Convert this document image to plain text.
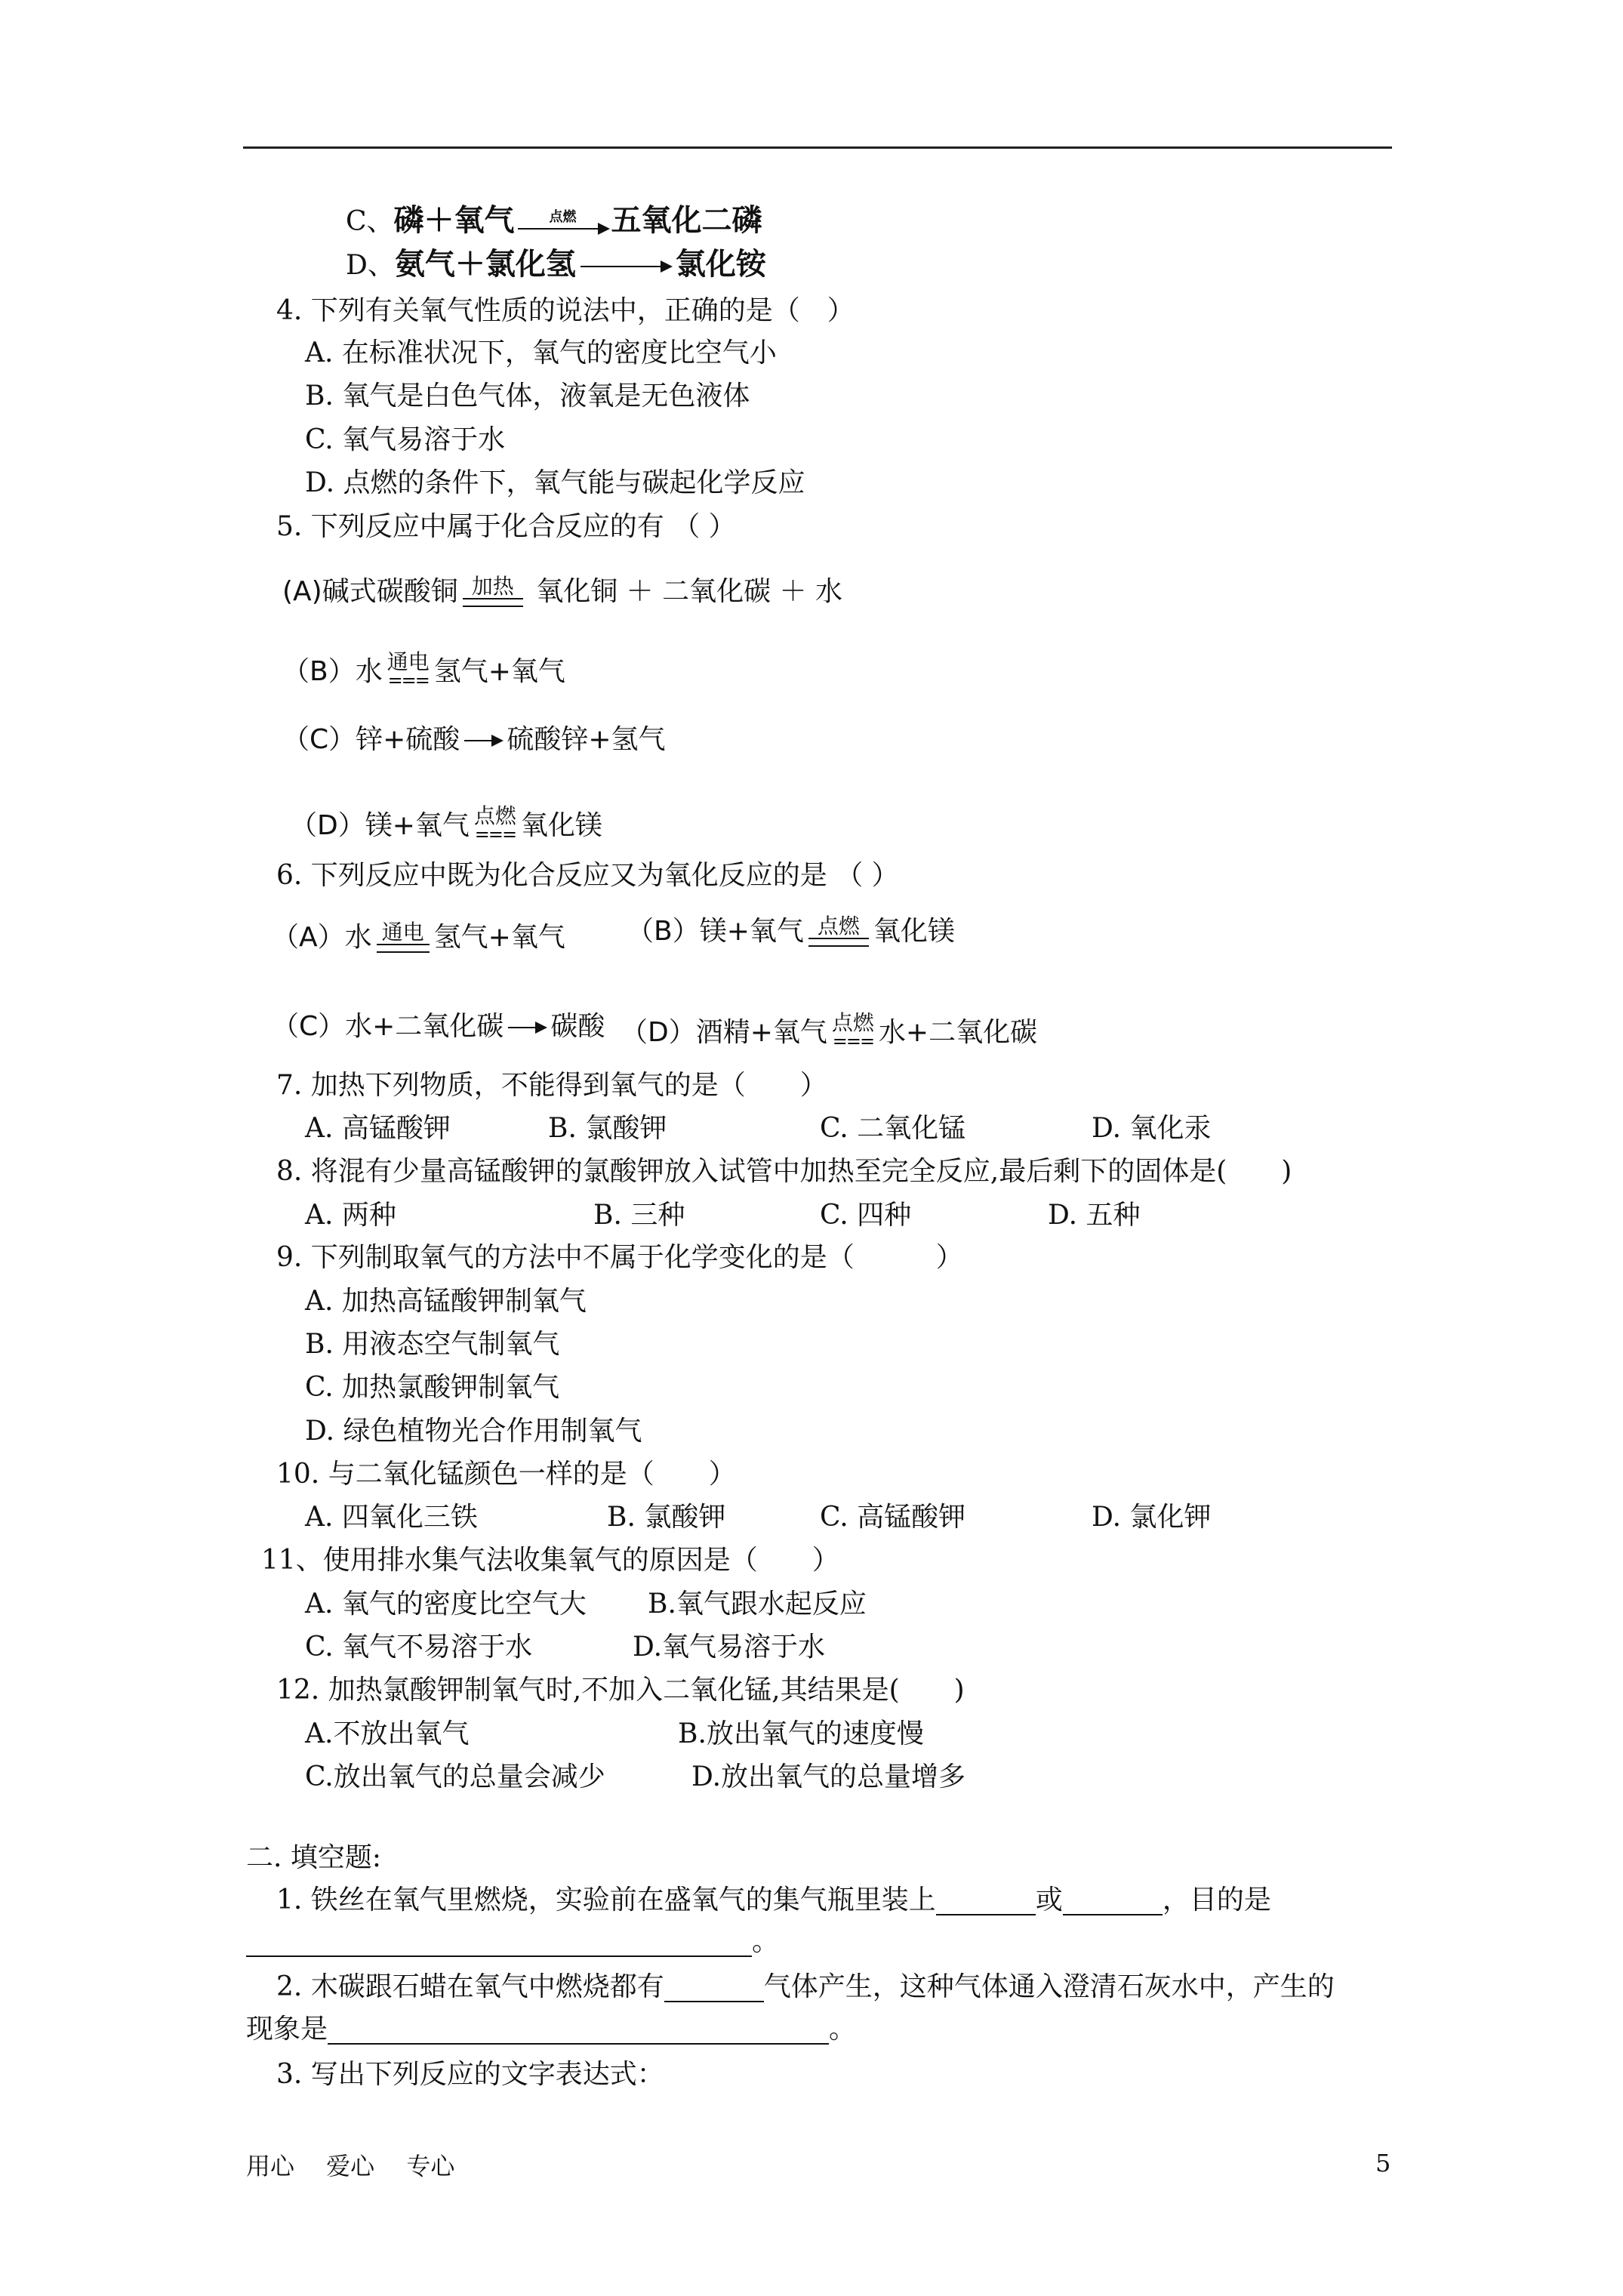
C、磷＋氧气	点燃 五氧化二磷
D、氨气＋氯化氢	氯化铵
4. 下列有关氧气性质的说法中，正确的是（　）
A. 在标准状况下，氧气的密度比空气小
B. 氧气是白色气体，液氧是无色液体
C. 氧气易溶于水
D. 点燃的条件下，氧气能与碳起化学反应
5. 下列反应中属于化合反应的有 （ ）
(A)碱式碳酸铜 加热 氧化铜 ＋ 二氧化碳 ＋ 水
（B）水 通电
=== 氢气+氧气
（C）锌+硫酸 硫酸锌+氢气
（D）镁+氧气 点燃
=== 氧化镁
6. 下列反应中既为化合反应又为氧化反应的是 （ ）
（A）水 通电 氢气+氧气 （B）镁+氧气 点燃 氧化镁
（C）水+二氧化碳 碳酸 （D）酒精+氧气 点燃
=== 水+二氧化碳
7. 加热下列物质，不能得到氧气的是（　　）
A. 高锰酸钾	B. 氯酸钾	C. 二氧化锰	D. 氧化汞
8. 将混有少量高锰酸钾的氯酸钾放入试管中加热至完全反应,最后剩下的固体是(　　)
A. 两种	B. 三种	C. 四种	D. 五种
9. 下列制取氧气的方法中不属于化学变化的是（　　　）
A. 加热高锰酸钾制氧气
B. 用液态空气制氧气
C. 加热氯酸钾制氧气
D. 绿色植物光合作用制氧气
10. 与二氧化锰颜色一样的是（　　）
A. 四氧化三铁	B. 氯酸钾	C. 高锰酸钾	D. 氯化钾
11、使用排水集气法收集氧气的原因是（　　）
A. 氧气的密度比空气大 B.氧气跟水起反应
C. 氧气不易溶于水	D.氧气易溶于水
12. 加热氯酸钾制氧气时,不加入二氧化锰,其结果是(　　)
A.不放出氧气	B.放出氧气的速度慢
C.放出氧气的总量会减少	D.放出氧气的总量增多
二. 填空题:
1. 铁丝在氧气里燃烧，实验前在盛氧气的集气瓶里装上	或	，目的是
。
2. 木碳跟石蜡在氧气中燃烧都有	气体产生，这种气体通入澄清石灰水中，产生的
现象是	。
3. 写出下列反应的文字表达式：
用心　 爱心　 专心	5
